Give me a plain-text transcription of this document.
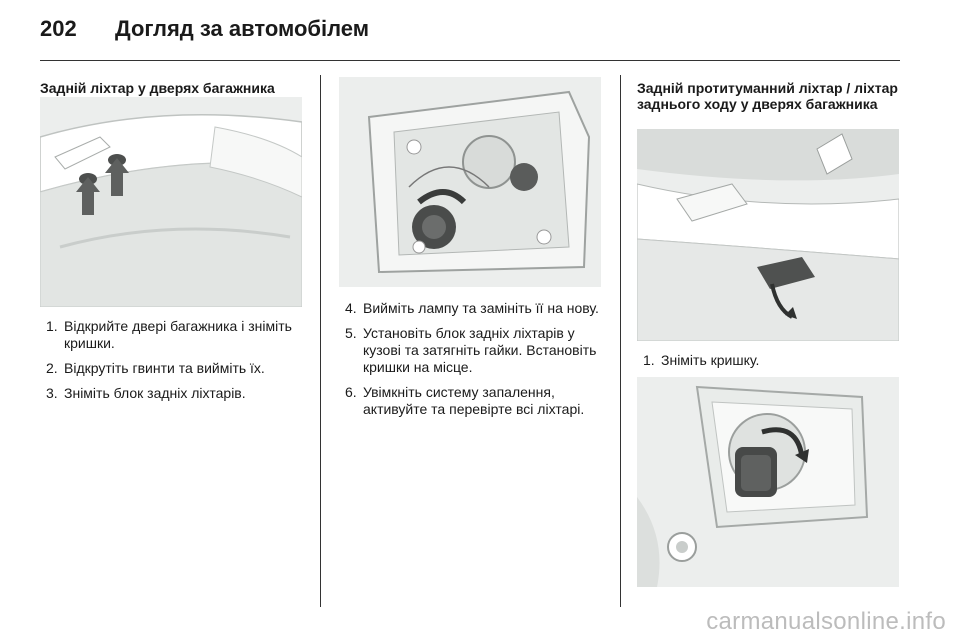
202 Догляд за автомобілем
Задній ліхтар у дверях багажника
1. Відкрийте двері багажника і зніміть кришки.
2. Відкрутіть гвинти та вийміть їх.
3. Зніміть блок задніх ліхтарів.
4. Вийміть лампу та замініть її на нову.
5. Установіть блок задніх ліхтарів у кузові та затягніть гайки. Встановіть кришки на місце.
6. Увімкніть систему запалення, активуйте та перевірте всі ліхтарі.
Задній протитуманний ліхтар / ліхтар заднього ходу у дверях багажника
1. Зніміть кришку.
carmanualsonline.info
